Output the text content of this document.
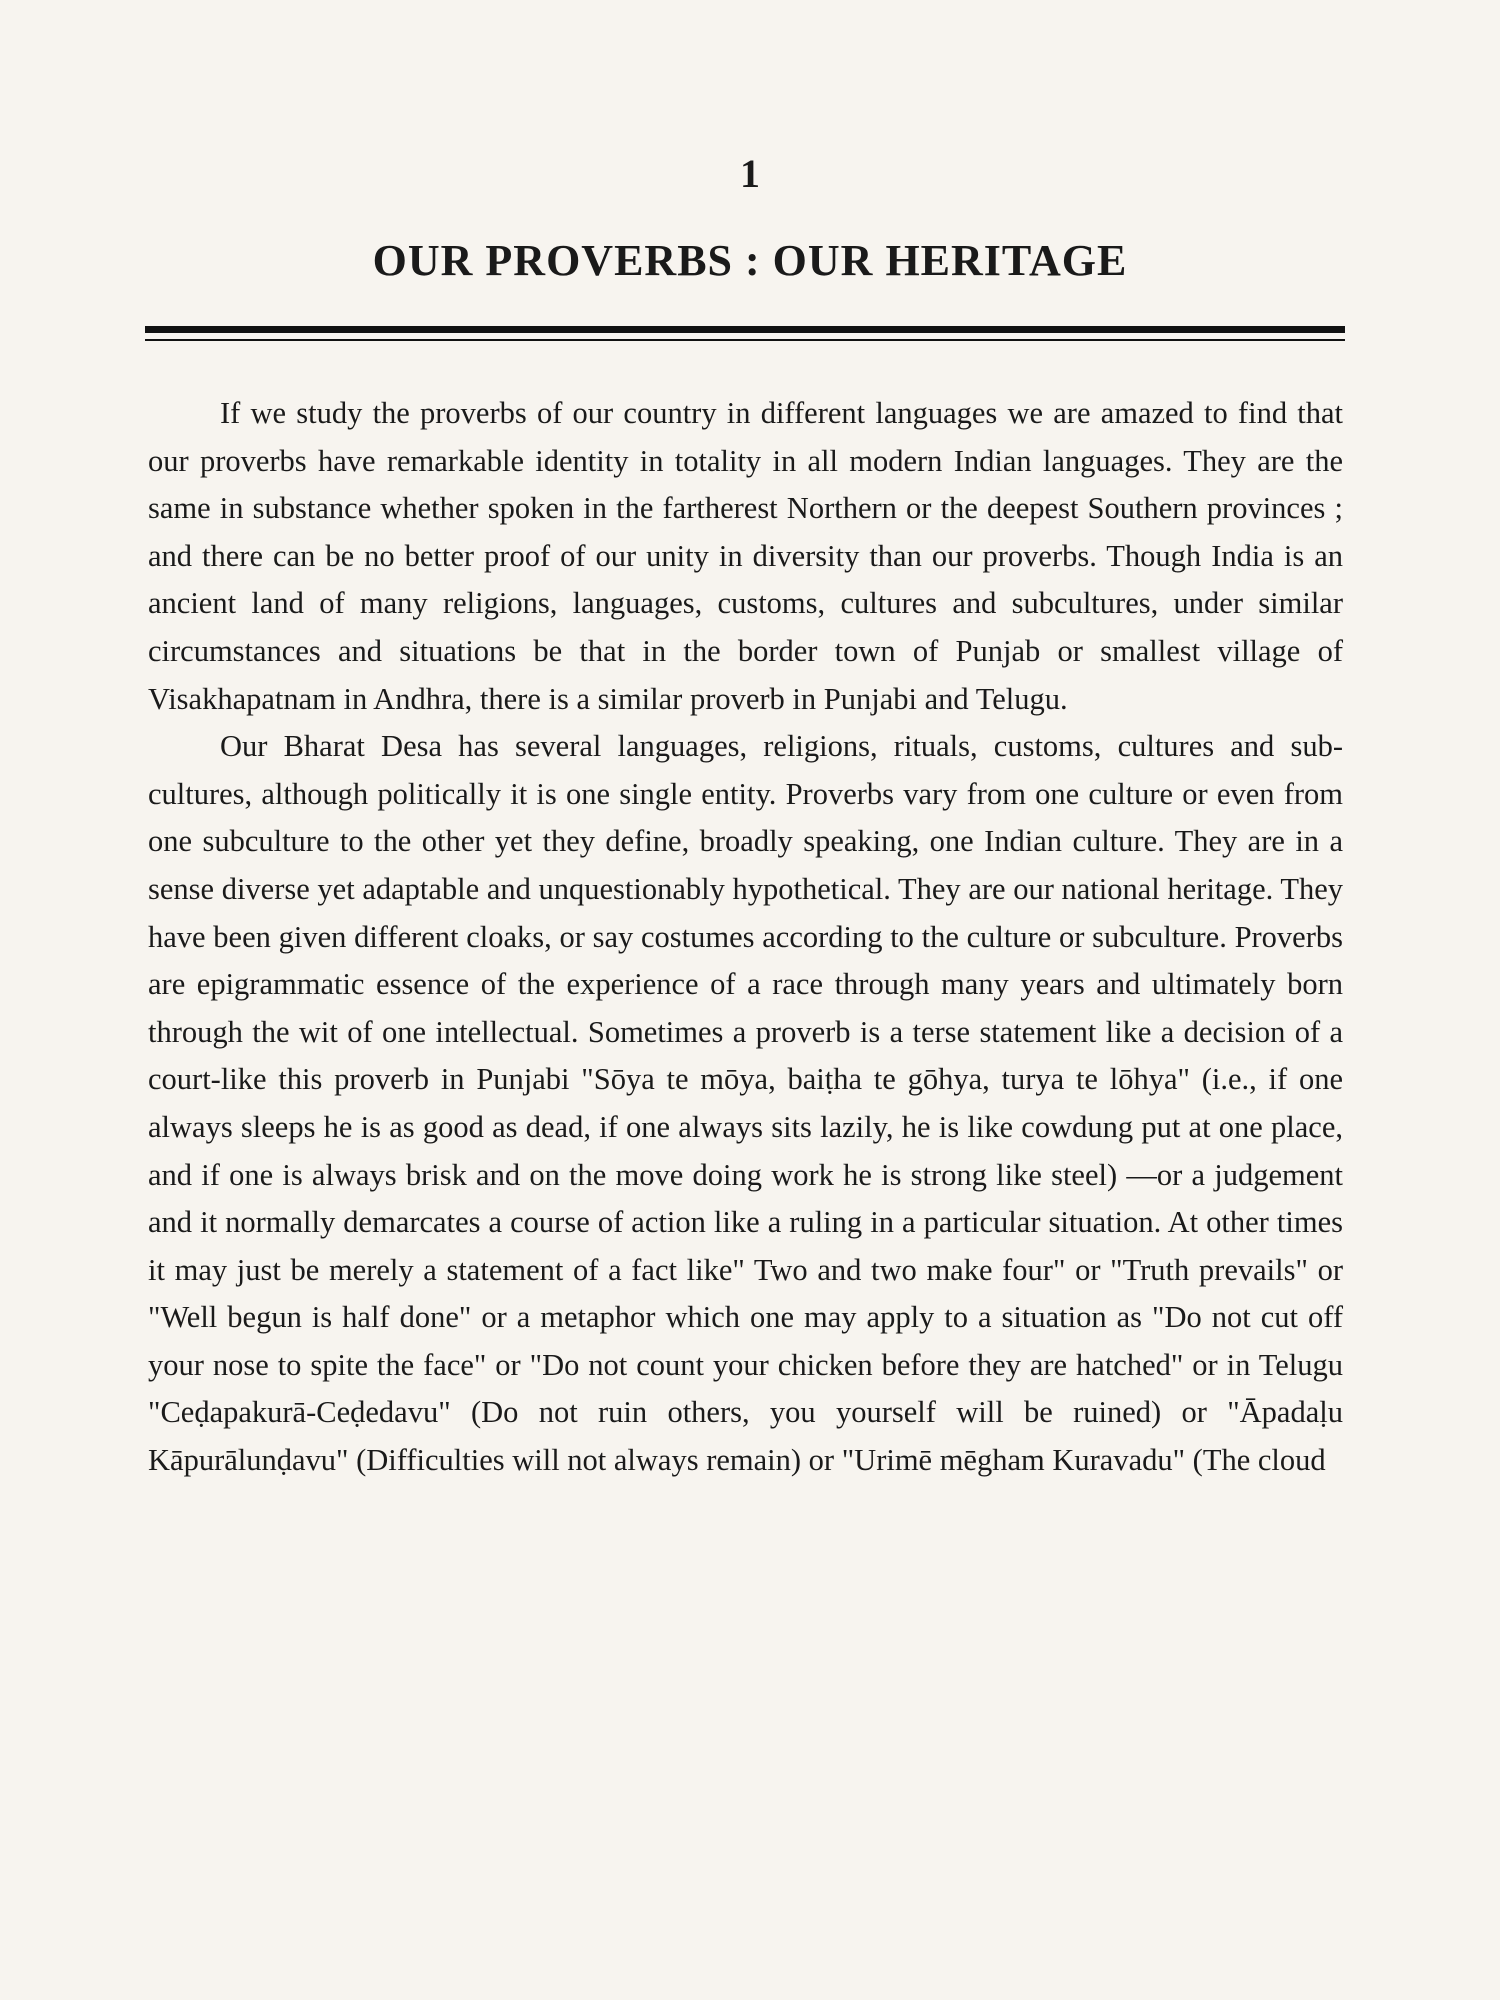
1
OUR PROVERBS : OUR HERITAGE

If we study the proverbs of our country in different languages we are amazed to find that our proverbs have remarkable identity in totality in all modern Indian languages. They are the same in substance whether spoken in the fartherest Northern or the deepest Southern provinces ; and there can be no better proof of our unity in diversity than our proverbs. Though India is an ancient land of many religions, languages, customs, cultures and subcultures, under similar circumstances and situations be that in the border town of Punjab or smallest village of Visakhapatnam in Andhra, there is a similar proverb in Punjabi and Telugu.

Our Bharat Desa has several languages, religions, rituals, customs, cultures and sub-cultures, although politically it is one single entity. Proverbs vary from one culture or even from one subculture to the other yet they define, broadly speaking, one Indian culture. They are in a sense diverse yet adaptable and unquestionably hypothetical. They are our national heritage. They have been given different cloaks, or say costumes according to the culture or subculture. Proverbs are epigrammatic essence of the experience of a race through many years and ultimately born through the wit of one intellectual. Sometimes a proverb is a terse statement like a decision of a court-like this proverb in Punjabi "Sōya te mōya, baiṭha te gōhya, turya te lōhya" (i.e., if one always sleeps he is as good as dead, if one always sits lazily, he is like cowdung put at one place, and if one is always brisk and on the move doing work he is strong like steel) —or a judgement and it normally demarcates a course of action like a ruling in a particular situation. At other times it may just be merely a statement of a fact like" Two and two make four" or "Truth prevails" or "Well begun is half done" or a metaphor which one may apply to a situation as "Do not cut off your nose to spite the face" or "Do not count your chicken before they are hatched" or in Telugu "Ceḍapakurā-Ceḍedavu" (Do not ruin others, you yourself will be ruined) or "Āpadaḷu Kāpurālunḍavu" (Difficulties will not always remain) or "Urimē mēgham Kuravadu" (The cloud
